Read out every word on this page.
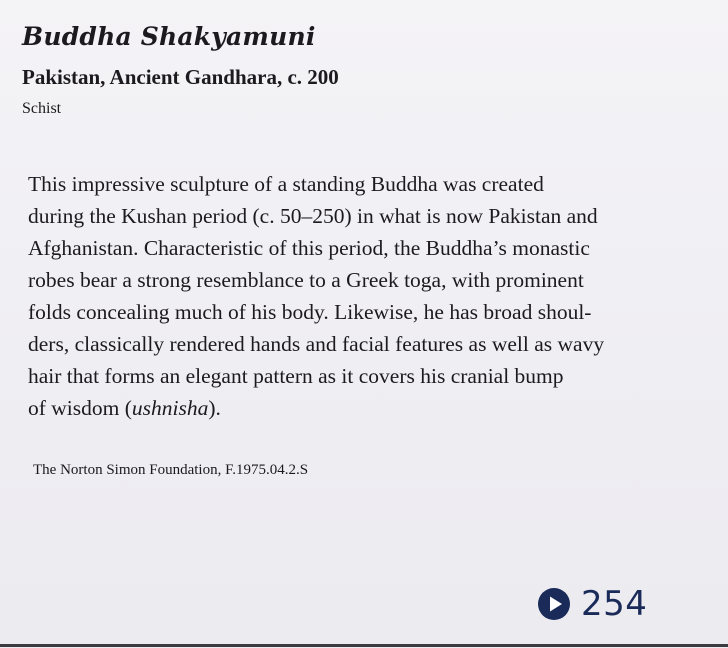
Buddha Shakyamuni

Pakistan, Ancient Gandhara, c. 200

Schist

This impressive sculpture of a standing Buddha was created
during the Kushan period (c. 50–250) in what is now Pakistan and
Afghanistan. Characteristic of this period, the Buddha’s monastic
robes bear a strong resemblance to a Greek toga, with prominent
folds concealing much of his body. Likewise, he has broad shoul-
ders, classically rendered hands and facial features as well as wavy
hair that forms an elegant pattern as it covers his cranial bump
of wisdom (ushnisha).

The Norton Simon Foundation, F.1975.04.2.S

254
